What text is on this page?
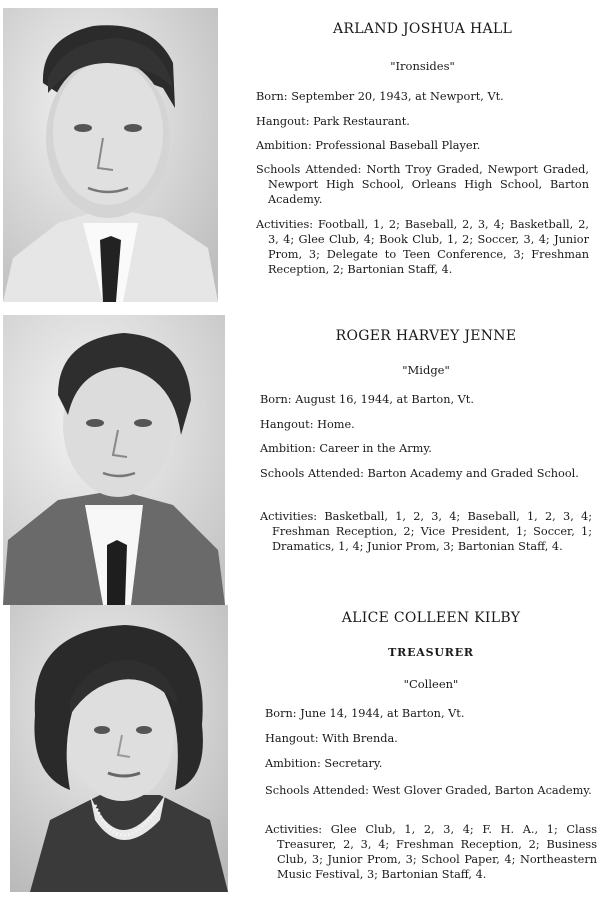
ARLAND JOSHUA HALL
"Ironsides"
Born: September 20, 1943, at Newport, Vt.
Hangout: Park Restaurant.
Ambition: Professional Baseball Player.
Schools Attended: North Troy Graded, Newport Graded, Newport High School, Orleans High School, Barton Academy.
Activities: Football, 1, 2; Baseball, 2, 3, 4; Basketball, 2, 3, 4; Glee Club, 4; Book Club, 1, 2; Soccer, 3, 4; Junior Prom, 3; Delegate to Teen Conference, 3; Freshman Reception, 2; Bartonian Staff, 4.
ROGER HARVEY JENNE
"Midge"
Born: August 16, 1944, at Barton, Vt.
Hangout: Home.
Ambition: Career in the Army.
Schools Attended: Barton Academy and Graded School.
Activities: Basketball, 1, 2, 3, 4; Baseball, 1, 2, 3, 4; Freshman Reception, 2; Vice President, 1; Soccer, 1; Dramatics, 1, 4; Junior Prom, 3; Bartonian Staff, 4.
ALICE COLLEEN KILBY
TREASURER
"Colleen"
Born: June 14, 1944, at Barton, Vt.
Hangout: With Brenda.
Ambition: Secretary.
Schools Attended: West Glover Graded, Barton Academy.
Activities: Glee Club, 1, 2, 3, 4; F. H. A., 1; Class Treasurer, 2, 3, 4; Freshman Reception, 2; Business Club, 3; Junior Prom, 3; School Paper, 4; Northeastern Music Festival, 3; Bartonian Staff, 4.
